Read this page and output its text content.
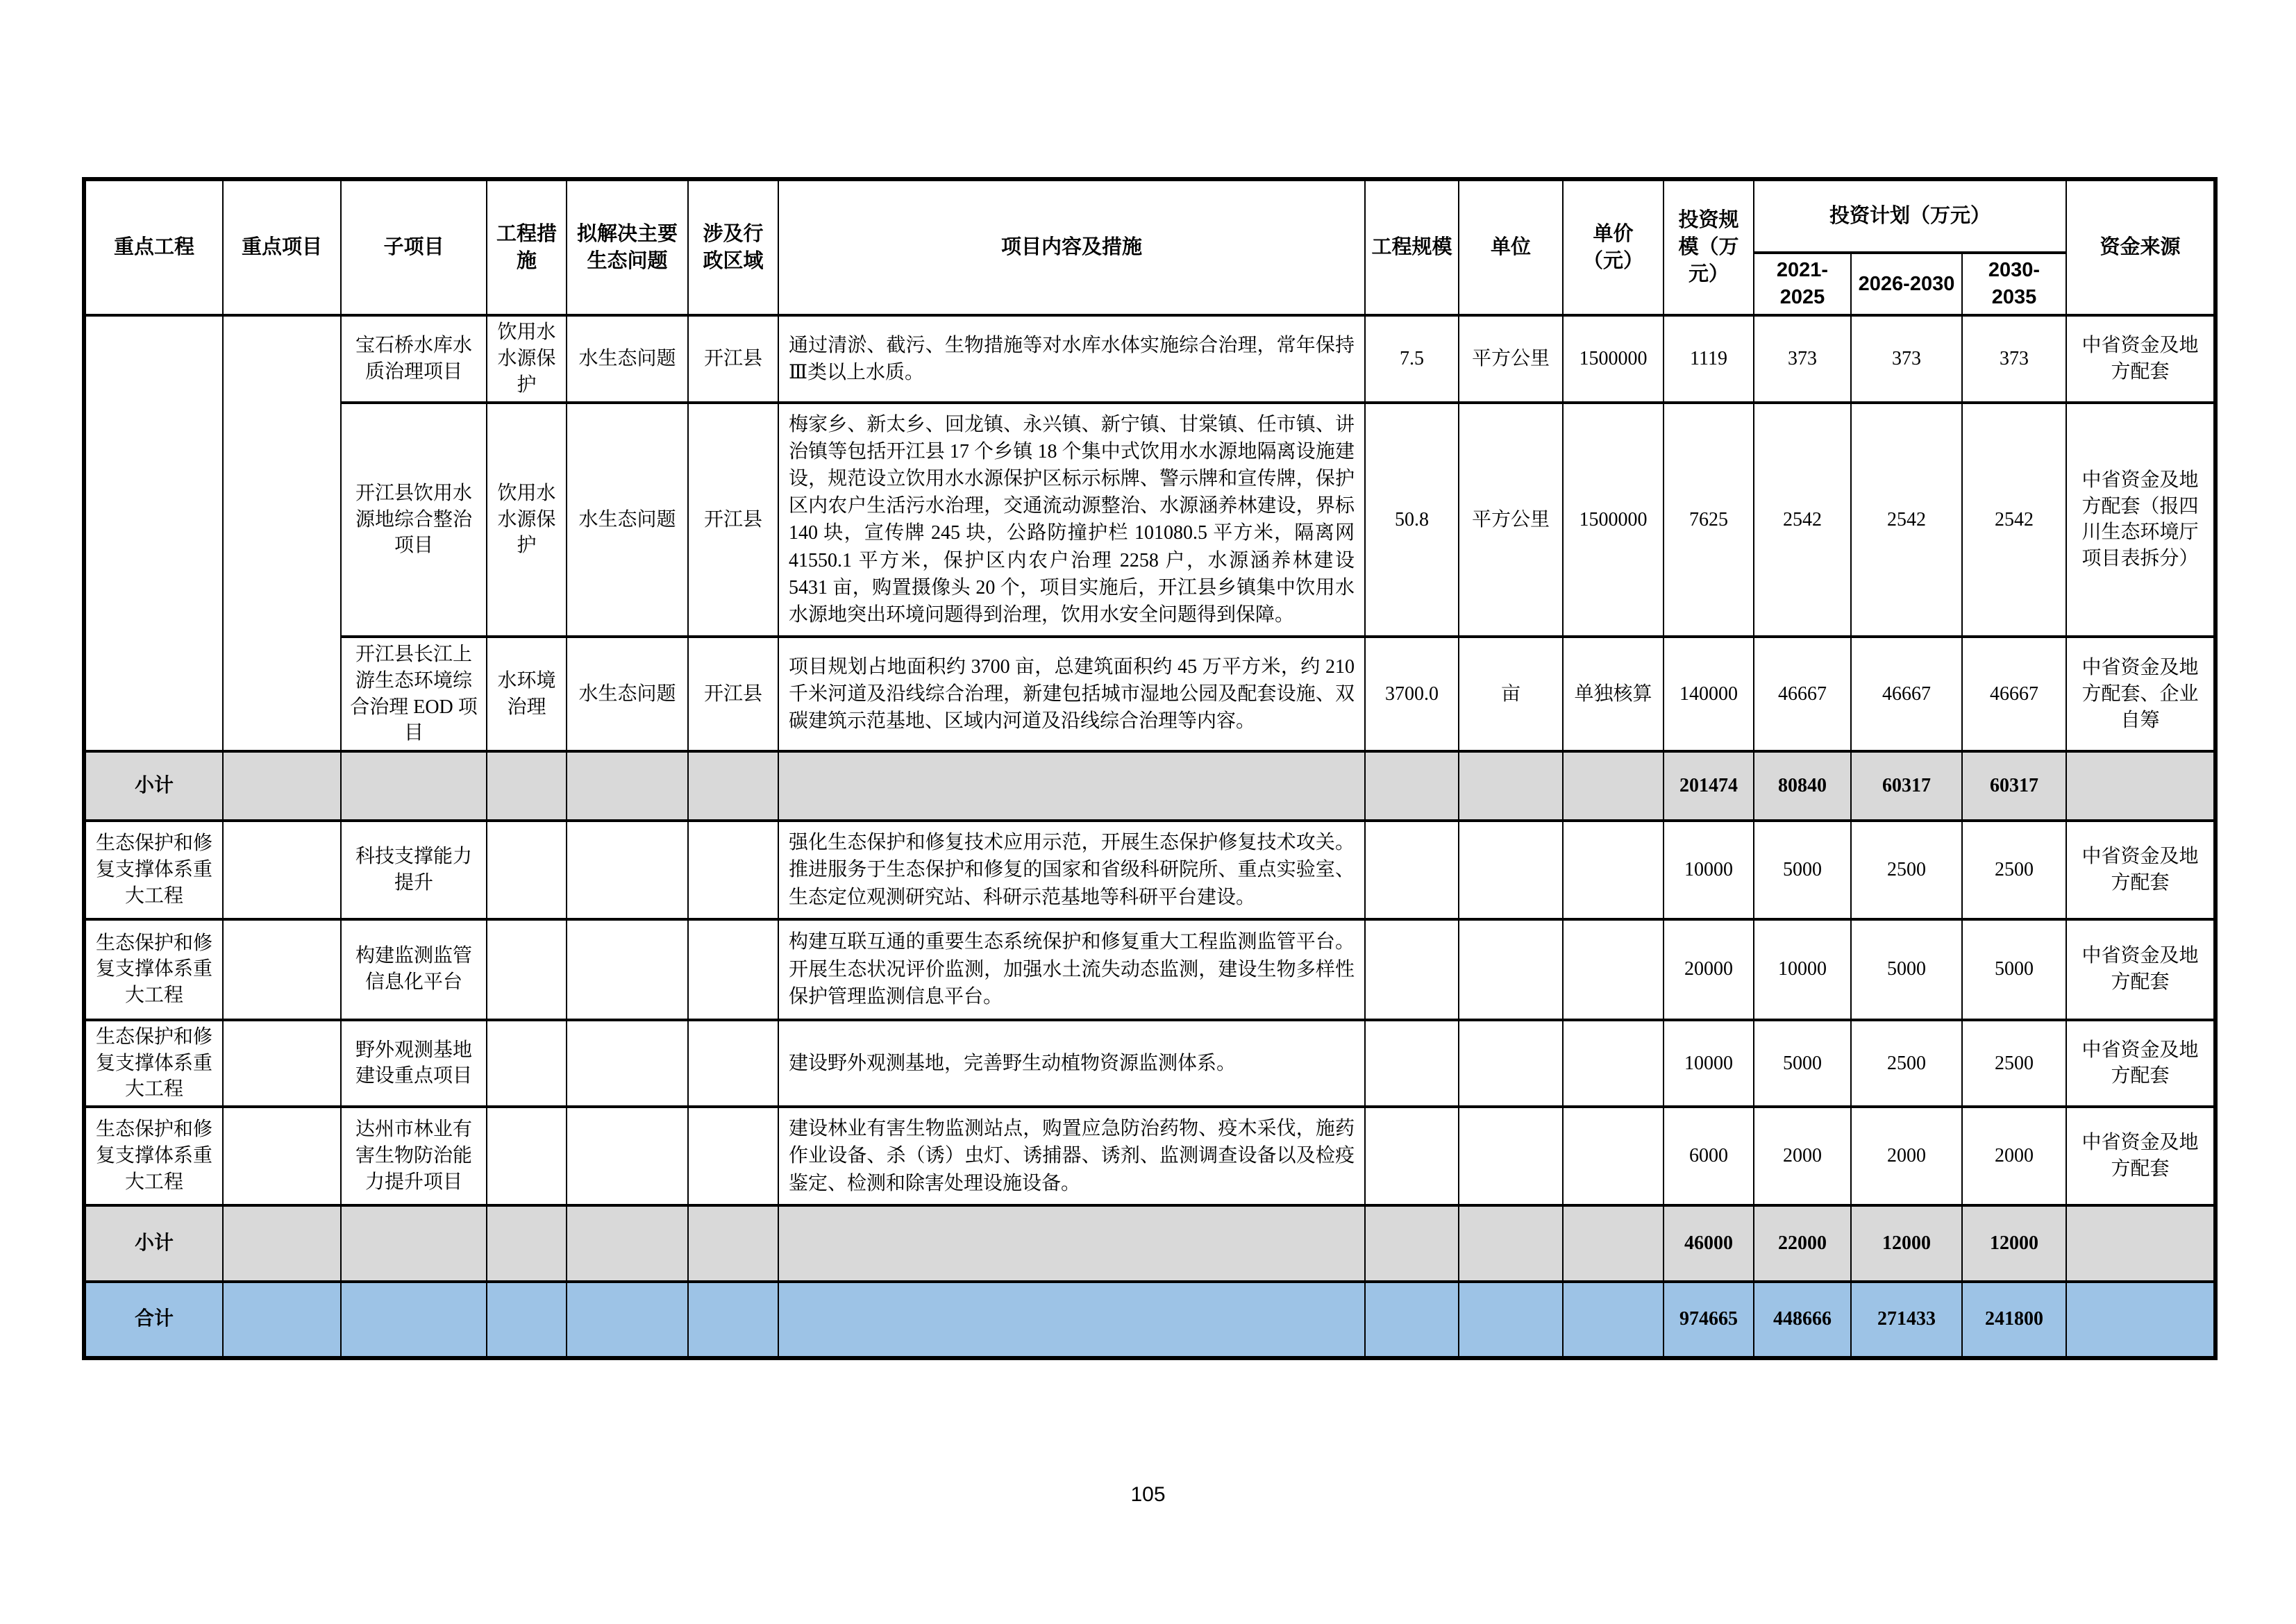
重点工程	重点项目	子项目	工程措施	拟解决主要生态问题	涉及行政区域	项目内容及措施	工程规模	单位	单价（元）	投资规模（万元）	投资计划（万元）			资金来源
											2021-2025	2026-2030	2030-2035	
		宝石桥水库水质治理项目	饮用水水源保护	水生态问题	开江县	通过清淤、截污、生物措施等对水库水体实施综合治理，常年保持Ⅲ类以上水质。	7.5	平方公里	1500000	1119	373	373	373	中省资金及地方配套
		开江县饮用水源地综合整治项目	饮用水水源保护	水生态问题	开江县	梅家乡、新太乡、回龙镇、永兴镇、新宁镇、甘棠镇、任市镇、讲治镇等包括开江县 17 个乡镇 18 个集中式饮用水水源地隔离设施建设，规范设立饮用水水源保护区标示标牌、警示牌和宣传牌，保护区内农户生活污水治理，交通流动源整治、水源涵养林建设，界标 140 块，宣传牌 245 块，公路防撞护栏 101080.5 平方米，隔离网 41550.1 平方米，保护区内农户治理 2258 户，水源涵养林建设 5431 亩，购置摄像头 20 个，项目实施后，开江县乡镇集中饮用水水源地突出环境问题得到治理，饮用水安全问题得到保障。	50.8	平方公里	1500000	7625	2542	2542	2542	中省资金及地方配套（报四川生态环境厅项目表拆分）
		开江县长江上游生态环境综合治理 EOD 项目	水环境治理	水生态问题	开江县	项目规划占地面积约 3700 亩，总建筑面积约 45 万平方米，约 210 千米河道及沿线综合治理，新建包括城市湿地公园及配套设施、双碳建筑示范基地、区域内河道及沿线综合治理等内容。	3700.0	亩	单独核算	140000	46667	46667	46667	中省资金及地方配套、企业自筹
小计										201474	80840	60317	60317	
生态保护和修复支撑体系重大工程		科技支撑能力提升				强化生态保护和修复技术应用示范，开展生态保护修复技术攻关。推进服务于生态保护和修复的国家和省级科研院所、重点实验室、生态定位观测研究站、科研示范基地等科研平台建设。				10000	5000	2500	2500	中省资金及地方配套
生态保护和修复支撑体系重大工程		构建监测监管信息化平台				构建互联互通的重要生态系统保护和修复重大工程监测监管平台。开展生态状况评价监测，加强水土流失动态监测，建设生物多样性保护管理监测信息平台。				20000	10000	5000	5000	中省资金及地方配套
生态保护和修复支撑体系重大工程		野外观测基地建设重点项目				建设野外观测基地，完善野生动植物资源监测体系。				10000	5000	2500	2500	中省资金及地方配套
生态保护和修复支撑体系重大工程		达州市林业有害生物防治能力提升项目				建设林业有害生物监测站点，购置应急防治药物、疫木采伐，施药作业设备、杀（诱）虫灯、诱捕器、诱剂、监测调查设备以及检疫鉴定、检测和除害处理设施设备。				6000	2000	2000	2000	中省资金及地方配套
小计										46000	22000	12000	12000	
合计										974665	448666	271433	241800	
105
